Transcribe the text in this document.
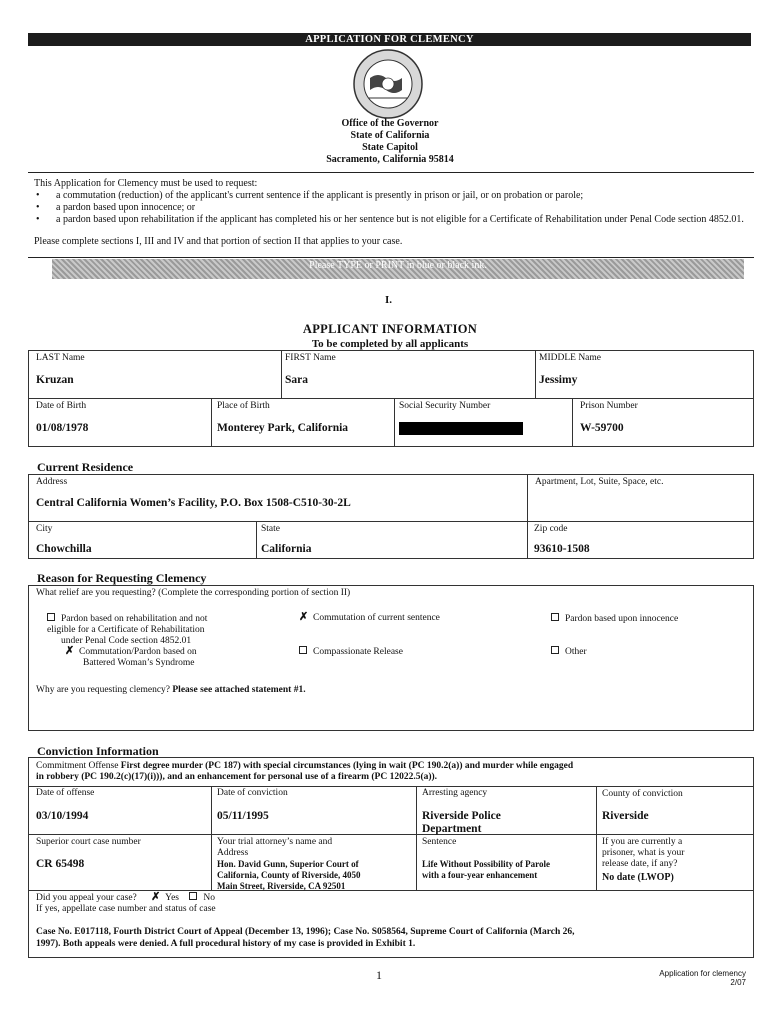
APPLICATION FOR CLEMENCY
Office of the Governor
State of California
State Capitol
Sacramento, California 95814
This Application for Clemency must be used to request:
• a commutation (reduction) of the applicant's current sentence if the applicant is presently in prison or jail, or on probation or parole;
• a pardon based upon innocence; or
• a pardon based upon rehabilitation if the applicant has completed his or her sentence but is not eligible for a Certificate of Rehabilitation under Penal Code section 4852.01.
Please complete sections I, III and IV and that portion of section II that applies to your case.
Please TYPE or PRINT in blue or black ink.
I.
APPLICANT INFORMATION
To be completed by all applicants
LAST Name
Kruzan
FIRST Name
Sara
MIDDLE Name
Jessimy
Date of Birth
01/08/1978
Place of Birth
Monterey Park, California
Social Security Number	Prison Number
W-59700
Current Residence
Address
Central California Women’s Facility, P.O. Box 1508-C510-30-2L
Apartment, Lot, Suite, Space, etc.
City
Chowchilla
State
California
Zip code
93610-1508
Reason for Requesting Clemency
What relief are you requesting? (Complete the corresponding portion of section II)
Pardon based on rehabilitation and not
eligible for a Certificate of Rehabilitation
under Penal Code section 4852.01
✗ Commutation/Pardon based on
Battered Woman’s Syndrome
✗ Commutation of current sentence
Compassionate Release
Pardon based upon innocence
Other
Why are you requesting clemency? Please see attached statement #1.
Conviction Information
Commitment Offense First degree murder (PC 187) with special circumstances (lying in wait (PC 190.2(a)) and murder while engaged
in robbery (PC 190.2(c)(17)(i))), and an enhancement for personal use of a firearm (PC 12022.5(a)).
Date of offense
03/10/1994
Date of conviction
05/11/1995
Arresting agency
Riverside Police
Department
County of conviction
Riverside
Superior court case number
CR 65498
Your trial attorney’s name and
Address
Hon. David Gunn, Superior Court of
California, County of Riverside, 4050
Main Street, Riverside, CA 92501
Sentence
Life Without Possibility of Parole
with a four-year enhancement
If you are currently a
prisoner, what is your
release date, if any?
No date (LWOP)
Did you appeal your case? ✗ Yes	No
If yes, appellate case number and status of case
Case No. E017118, Fourth District Court of Appeal (December 13, 1996); Case No. S058564, Supreme Court of California (March 26,
1997). Both appeals were denied. A full procedural history of my case is provided in Exhibit 1.
1	Application for clemency
2/07
